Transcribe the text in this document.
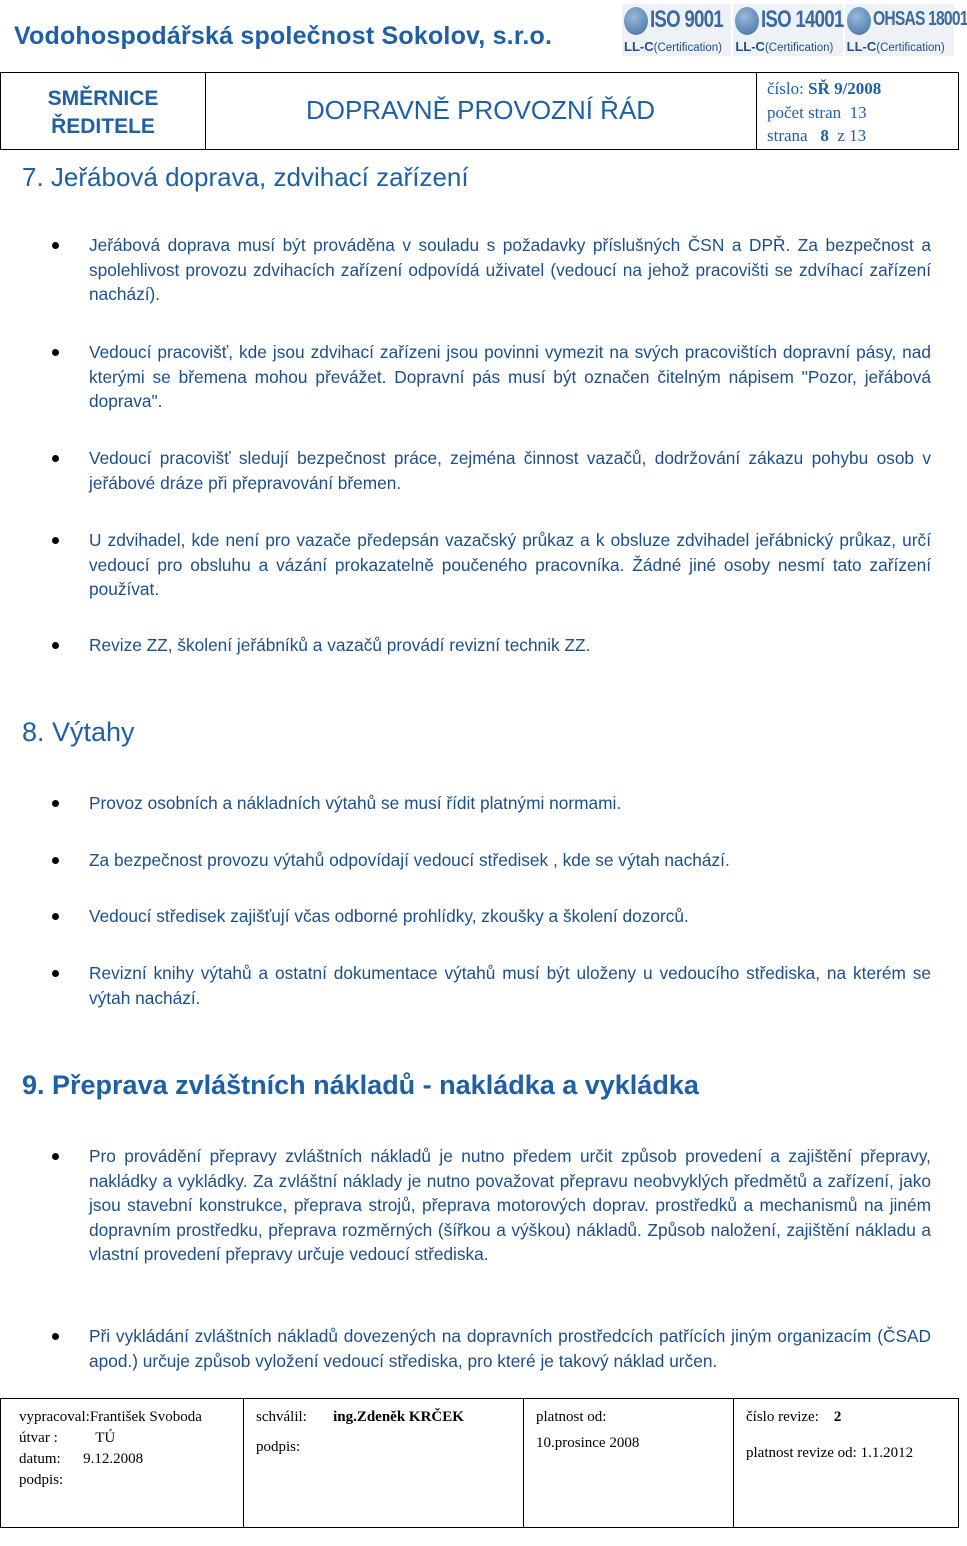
Vodohospodářská společnost Sokolov, s.r.o.
ISO 9001
LL-C(Certification)
ISO 14001
LL-C(Certification)
OHSAS 18001
LL-C(Certification)
SMĚRNICE
ŘEDITELE
DOPRAVNĚ PROVOZNÍ ŘÁD
číslo: SŘ 9/2008
počet stran 13
strana 8 z 13
7. Jeřábová doprava, zdvihací zařízení
Jeřábová doprava musí být prováděna v souladu s požadavky příslušných ČSN a DPŘ. Za bezpečnost a spolehlivost provozu zdvihacích zařízení odpovídá uživatel (vedoucí na jehož pracovišti se zdvíhací zařízení nachází).
Vedoucí pracovišť, kde jsou zdvihací zařízeni jsou povinni vymezit na svých pracovištích dopravní pásy, nad kterými se břemena mohou převážet. Dopravní pás musí být označen čitelným nápisem "Pozor, jeřábová doprava".
Vedoucí pracovišť sledují bezpečnost práce, zejména činnost vazačů, dodržování zákazu pohybu osob v jeřábové dráze při přepravování břemen.
U zdvihadel, kde není pro vazače předepsán vazačský průkaz a k obsluze zdvihadel jeřábnický průkaz, určí vedoucí pro obsluhu a vázání prokazatelně poučeného pracovníka. Žádné jiné osoby nesmí tato zařízení používat.
Revize ZZ, školení jeřábníků a vazačů provádí revizní technik ZZ.
8. Výtahy
Provoz osobních a nákladních výtahů se musí řídit platnými normami.
Za bezpečnost provozu výtahů odpovídají vedoucí středisek , kde se výtah nachází.
Vedoucí středisek zajišťují včas odborné prohlídky, zkoušky a školení dozorců.
Revizní knihy výtahů a ostatní dokumentace výtahů musí být uloženy u vedoucího střediska, na kterém se výtah nachází.
9. Přeprava zvláštních nákladů - nakládka a vykládka
Pro provádění přepravy zvláštních nákladů je nutno předem určit způsob provedení a zajištění přepravy, nakládky a vykládky. Za zvláštní náklady je nutno považovat přepravu neobvyklých předmětů a zařízení, jako jsou stavební konstrukce, přeprava strojů, přeprava motorových doprav. prostředků a mechanismů na jiném dopravním prostředku, přeprava rozměrných (šířkou a výškou) nákladů. Způsob naložení, zajištění nákladu a vlastní provedení přepravy určuje vedoucí střediska.
Při vykládání zvláštních nákladů dovezených na dopravních prostředcích patřících jiným organizacím (ČSAD apod.) určuje způsob vyložení vedoucí střediska, pro které je takový náklad určen.
vypracoval:František Svoboda
útvar :	TÚ
datum: 9.12.2008
podpis:
schválil: ing.Zdeněk KRČEK
podpis:
platnost od:
10.prosince 2008
číslo revize: 2
platnost revize od: 1.1.2012
